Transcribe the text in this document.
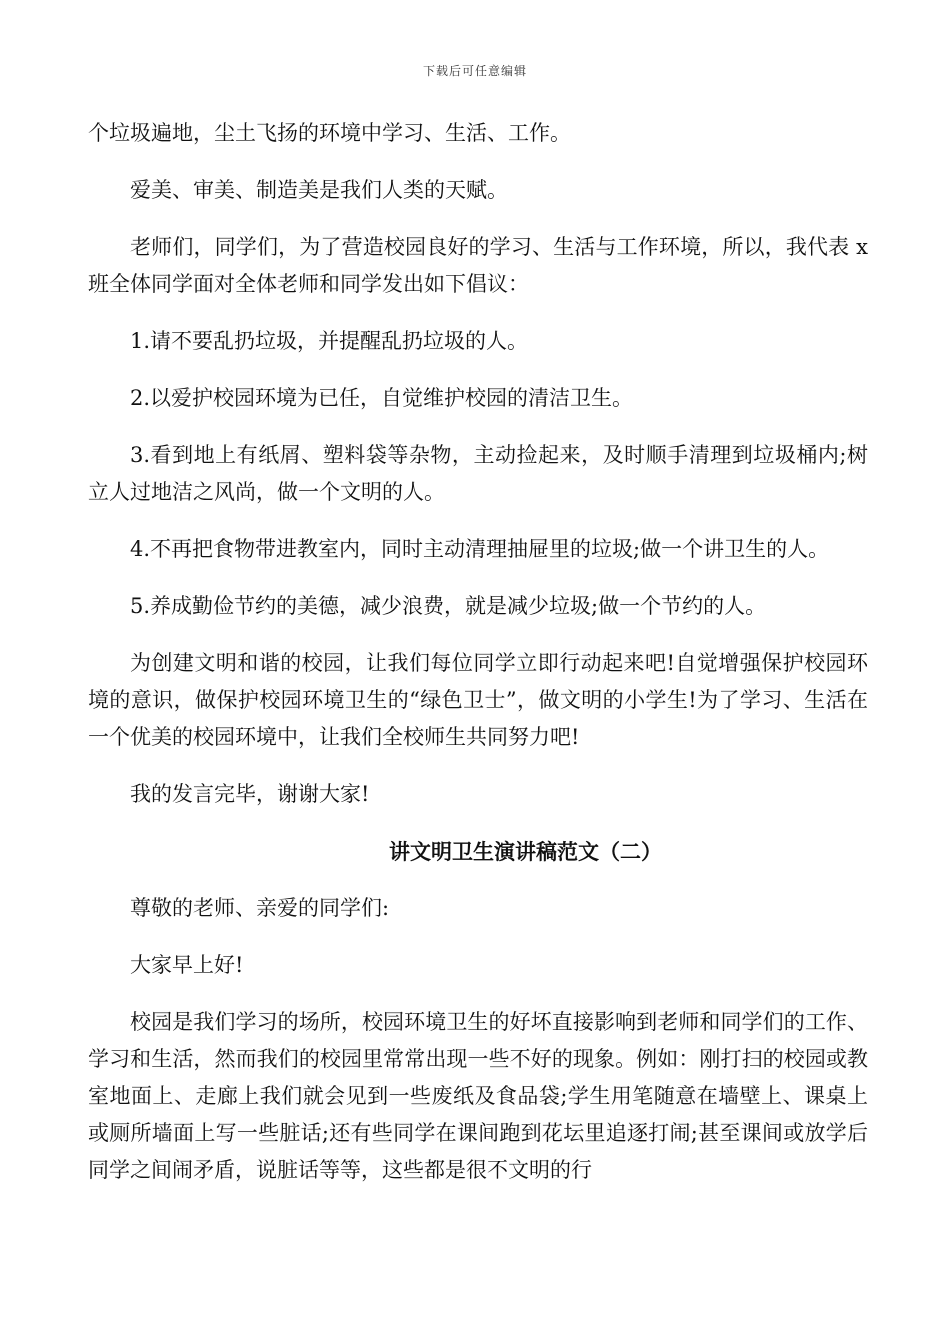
下载后可任意编辑

个垃圾遍地，尘土飞扬的环境中学习、生活、工作。

爱美、审美、制造美是我们人类的天赋。

老师们，同学们，为了营造校园良好的学习、生活与工作环境，所以，我代表 x 班全体同学面对全体老师和同学发出如下倡议：

1.请不要乱扔垃圾，并提醒乱扔垃圾的人。

2.以爱护校园环境为已任，自觉维护校园的清洁卫生。

3.看到地上有纸屑、塑料袋等杂物，主动捡起来，及时顺手清理到垃圾桶内;树立人过地洁之风尚，做一个文明的人。

4.不再把食物带进教室内，同时主动清理抽屉里的垃圾;做一个讲卫生的人。

5.养成勤俭节约的美德，减少浪费，就是减少垃圾;做一个节约的人。

为创建文明和谐的校园，让我们每位同学立即行动起来吧!自觉增强保护校园环境的意识，做保护校园环境卫生的“绿色卫士”，做文明的小学生!为了学习、生活在一个优美的校园环境中，让我们全校师生共同努力吧!

我的发言完毕，谢谢大家!

讲文明卫生演讲稿范文（二）

尊敬的老师、亲爱的同学们:

大家早上好!

校园是我们学习的场所，校园环境卫生的好坏直接影响到老师和同学们的工作、学习和生活，然而我们的校园里常常出现一些不好的现象。例如：刚打扫的校园或教室地面上、走廊上我们就会见到一些废纸及食品袋;学生用笔随意在墙壁上、课桌上或厕所墙面上写一些脏话;还有些同学在课间跑到花坛里追逐打闹;甚至课间或放学后同学之间闹矛盾，说脏话等等，这些都是很不文明的行
